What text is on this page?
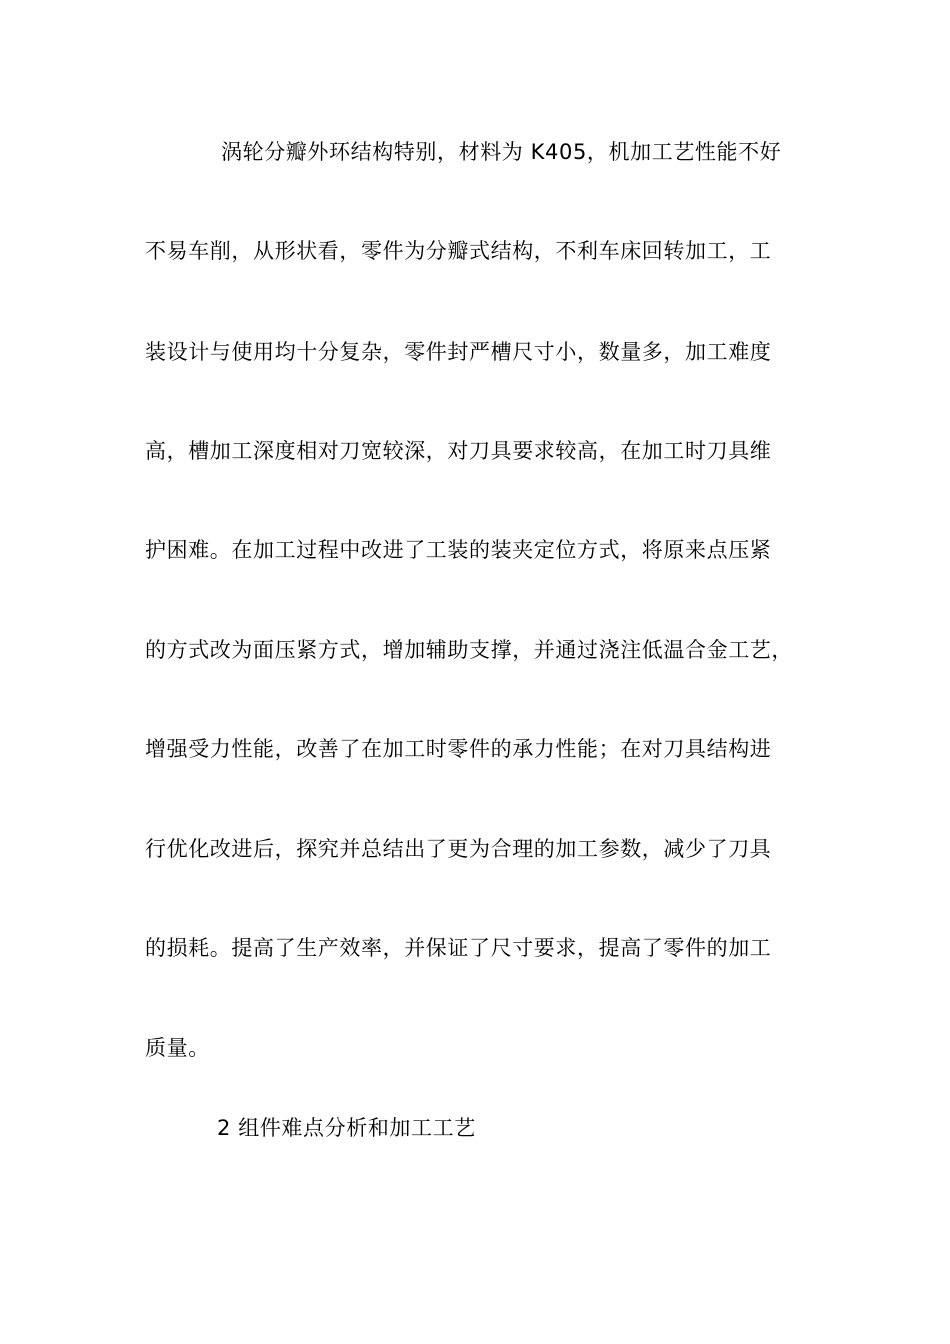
涡轮分瓣外环结构特别，材料为 K405，机加工艺性能不好
不易车削，从形状看，零件为分瓣式结构，不利车床回转加工，工
装设计与使用均十分复杂，零件封严槽尺寸小，数量多，加工难度
高，槽加工深度相对刀宽较深，对刀具要求较高，在加工时刀具维
护困难。在加工过程中改进了工装的装夹定位方式，将原来点压紧
的方式改为面压紧方式，增加辅助支撑，并通过浇注低温合金工艺，
增强受力性能，改善了在加工时零件的承力性能；在对刀具结构进
行优化改进后，探究并总结出了更为合理的加工参数，减少了刀具
的损耗。提高了生产效率，并保证了尺寸要求，提高了零件的加工
质量。
2 组件难点分析和加工工艺
